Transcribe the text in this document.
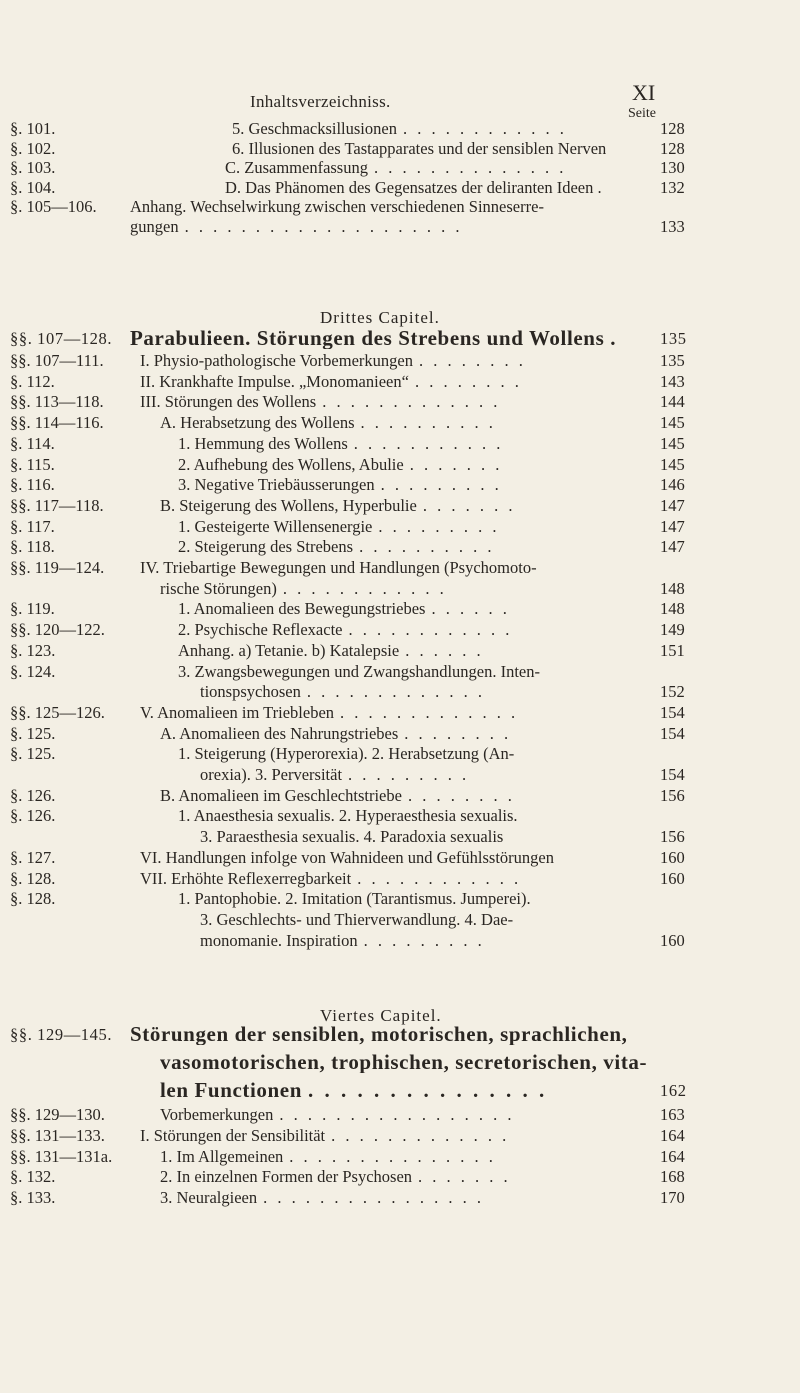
Inhaltsverzeichniss.	XI
Seite
§. 101.	5. Geschmacksillusionen . . . . . . . . . . . .	128
§. 102.	6. Illusionen des Tastapparates und der sensiblen Nerven	128
§. 103.	C. Zusammenfassung . . . . . . . . . . . . . .	130
§. 104.	D. Das Phänomen des Gegensatzes der deliranten Ideen .	132
§. 105—106. Anhang. Wechselwirkung zwischen verschiedenen Sinneserre-
gungen . . . . . . . . . . . . . . . . . . . .	133
Drittes Capitel.
§§. 107—128. Parabulieen. Störungen des Strebens und Wollens .	135
§§. 107—111. I. Physio-pathologische Vorbemerkungen . . . . . . . .	135
§. 112.	II. Krankhafte Impulse. „Monomanieen“ . . . . . . . .	143
§§. 113—118. III. Störungen des Wollens . . . . . . . . . . . . .	144
§§. 114—116.	A. Herabsetzung des Wollens . . . . . . . . . .	145
§. 114.	1. Hemmung des Wollens . . . . . . . . . . .	145
§. 115.	2. Aufhebung des Wollens, Abulie . . . . . . .	145
§. 116.	3. Negative Triebäusserungen . . . . . . . . .	146
§§. 117—118.	B. Steigerung des Wollens, Hyperbulie . . . . . . .	147
§. 117.	1. Gesteigerte Willensenergie . . . . . . . . .	147
§. 118.	2. Steigerung des Strebens . . . . . . . . . .	147
§§. 119—124. IV. Triebartige Bewegungen und Handlungen (Psychomoto-
rische Störungen) . . . . . . . . . . . .	148
§. 119.	1. Anomalieen des Bewegungstriebes . . . . . .	148
§§. 120—122.	2. Psychische Reflexacte . . . . . . . . . . . .	149
§. 123.	Anhang. a) Tetanie. b) Katalepsie . . . . . .	151
§. 124.	3. Zwangsbewegungen und Zwangshandlungen. Inten-
tionspsychosen . . . . . . . . . . . . .	152
§§. 125—126. V. Anomalieen im Triebleben . . . . . . . . . . . . .	154
§. 125.	A. Anomalieen des Nahrungstriebes . . . . . . . .	154
§. 125.	1. Steigerung (Hyperorexia). 2. Herabsetzung (An-
orexia). 3. Perversität . . . . . . . . .	154
§. 126.	B. Anomalieen im Geschlechtstriebe . . . . . . . .	156
§. 126.	1. Anaesthesia sexualis. 2. Hyperaesthesia sexualis.
3. Paraesthesia sexualis. 4. Paradoxia sexualis	156
§. 127.	VI. Handlungen infolge von Wahnideen und Gefühlsstörungen	160
§. 128.	VII. Erhöhte Reflexerregbarkeit . . . . . . . . . . . .	160
§. 128.	1. Pantophobie. 2. Imitation (Tarantismus. Jumperei).
3. Geschlechts- und Thierverwandlung. 4. Dae-
monomanie. Inspiration . . . . . . . . .	160
Viertes Capitel.
§§. 129—145. Störungen der sensiblen, motorischen, sprachlichen,
vasomotorischen, trophischen, secretorischen, vita-
len Functionen . . . . . . . . . . . . . . .	162
§§. 129—130.	Vorbemerkungen . . . . . . . . . . . . . . . . .	163
§§. 131—133. I. Störungen der Sensibilität . . . . . . . . . . . . .	164
§§. 131—131a.	1. Im Allgemeinen . . . . . . . . . . . . . . .	164
§. 132.	2. In einzelnen Formen der Psychosen . . . . . . .	168
§. 133.	3. Neuralgieen . . . . . . . . . . . . . . . .	170
